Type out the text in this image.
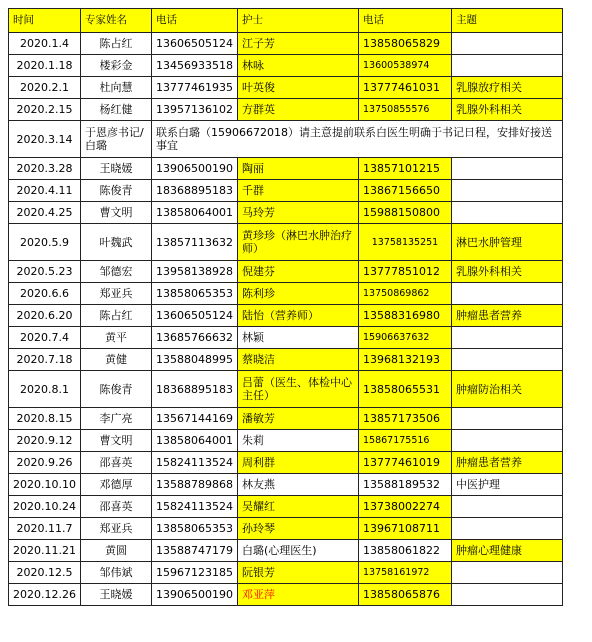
时间	专家姓名	电话	护士	电话	主题
2020.1.4	陈占红	13606505124	江子芳	13858065829	
2020.1.18	楼彩金	13456933518	林咏	13600538974	
2020.2.1	杜向慧	13777461935	叶英俊	13777461031	乳腺放疗相关
2020.2.15	杨红健	13957136102	方群英	13750855576	乳腺外科相关
2020.3.14	于恩彦书记/白璐	联系白璐（15906672018）请主意提前联系白医生明确于书记日程，安排好接送事宜			
2020.3.28	王晓媛	13906500190	陶丽	13857101215	
2020.4.11	陈俊青	18368895183	千群	13867156650	
2020.4.25	曹文明	13858064001	马玲芳	15988150800	
2020.5.9	叶魏武	13857113632	黄珍珍（淋巴水肿治疗师）	13758135251	淋巴水肿管理
2020.5.23	邹德宏	13958138928	倪建芬	13777851012	乳腺外科相关
2020.6.6	郑亚兵	13858065353	陈利珍	13750869862	
2020.6.20	陈占红	13606505124	陆怡（营养师）	13588316980	肿瘤患者营养
2020.7.4	黄平	13685766632	林颖	15906637632	
2020.7.18	黄健	13588048995	蔡晓洁	13968132193	
2020.8.1	陈俊青	18368895183	吕蕾（医生、体检中心主任）	13858065531	肿瘤防治相关
2020.8.15	李广亮	13567144169	潘敏芳	13857173506	
2020.9.12	曹文明	13858064001	朱莉	15867175516	
2020.9.26	邵喜英	15824113524	周利群	13777461019	肿瘤患者营养
2020.10.10	邓德厚	13588789868	林友燕	13588189532	中医护理
2020.10.24	邵喜英	15824113524	吴耀红	13738002274	
2020.11.7	郑亚兵	13858065353	孙玲琴	13967108711	
2020.11.21	黄圆	13588747179	白璐(心理医生)	13858061822	肿瘤心理健康
2020.12.5	邹伟斌	15967123185	阮银芳	13758161972	
2020.12.26	王晓媛	13906500190	邓亚萍	13858065876	
